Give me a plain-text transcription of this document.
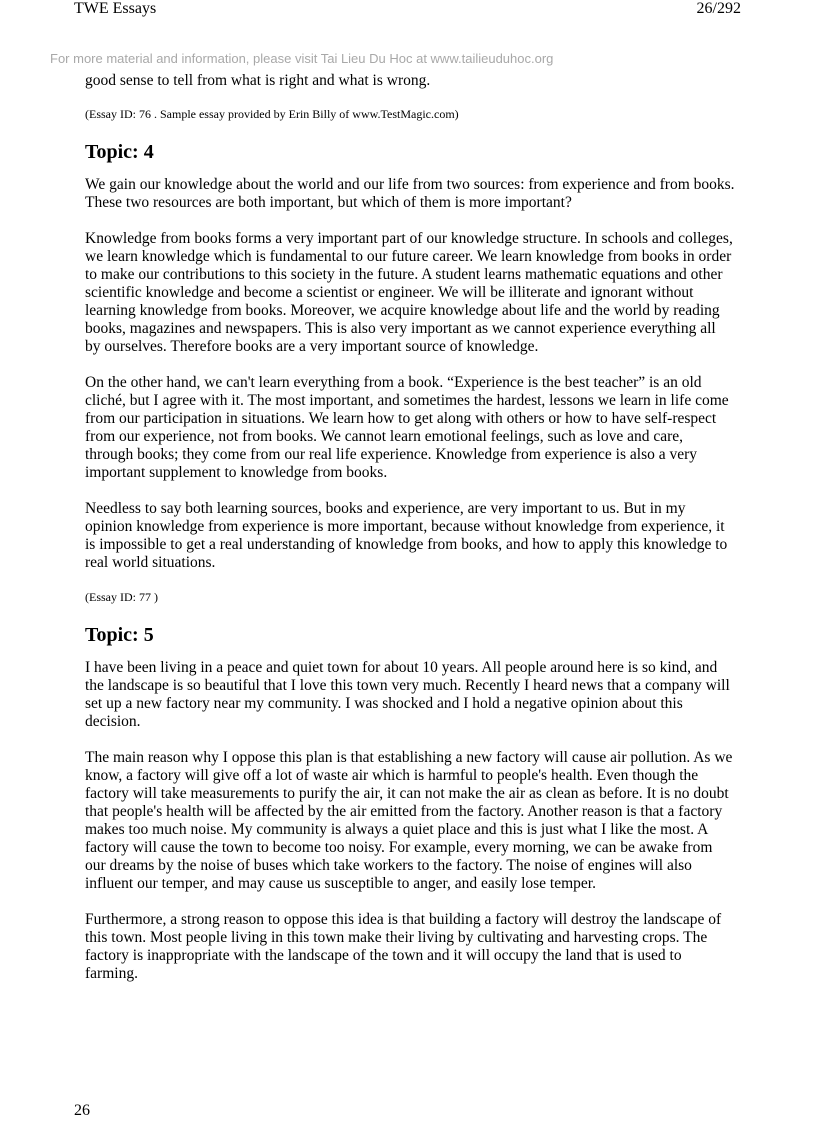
TWE Essays	26/292
For more material and information, please visit Tai Lieu Du Hoc at www.tailieuduhoc.org

good sense to tell from what is right and what is wrong.

(Essay ID: 76 . Sample essay provided by Erin Billy of www.TestMagic.com)

Topic: 4

We gain our knowledge about the world and our life from two sources: from experience and from books. These two resources are both important, but which of them is more important?

Knowledge from books forms a very important part of our knowledge structure. In schools and colleges, we learn knowledge which is fundamental to our future career. We learn knowledge from books in order to make our contributions to this society in the future. A student learns mathematic equations and other scientific knowledge and become a scientist or engineer. We will be illiterate and ignorant without learning knowledge from books. Moreover, we acquire knowledge about life and the world by reading books, magazines and newspapers. This is also very important as we cannot experience everything all by ourselves. Therefore books are a very important source of knowledge.

On the other hand, we can't learn everything from a book. “Experience is the best teacher” is an old cliché, but I agree with it. The most important, and sometimes the hardest, lessons we learn in life come from our participation in situations. We learn how to get along with others or how to have self-respect from our experience, not from books. We cannot learn emotional feelings, such as love and care, through books; they come from our real life experience. Knowledge from experience is also a very important supplement to knowledge from books.

Needless to say both learning sources, books and experience, are very important to us. But in my opinion knowledge from experience is more important, because without knowledge from experience, it is impossible to get a real understanding of knowledge from books, and how to apply this knowledge to real world situations.

(Essay ID: 77 )

Topic: 5

I have been living in a peace and quiet town for about 10 years. All people around here is so kind, and the landscape is so beautiful that I love this town very much. Recently I heard news that a company will set up a new factory near my community. I was shocked and I hold a negative opinion about this decision.

The main reason why I oppose this plan is that establishing a new factory will cause air pollution. As we know, a factory will give off a lot of waste air which is harmful to people's health. Even though the factory will take measurements to purify the air, it can not make the air as clean as before. It is no doubt that people's health will be affected by the air emitted from the factory. Another reason is that a factory makes too much noise. My community is always a quiet place and this is just what I like the most. A factory will cause the town to become too noisy. For example, every morning, we can be awake from our dreams by the noise of buses which take workers to the factory. The noise of engines will also influent our temper, and may cause us susceptible to anger, and easily lose temper.

Furthermore, a strong reason to oppose this idea is that building a factory will destroy the landscape of this town. Most people living in this town make their living by cultivating and harvesting crops. The factory is inappropriate with the landscape of the town and it will occupy the land that is used to farming.

26
